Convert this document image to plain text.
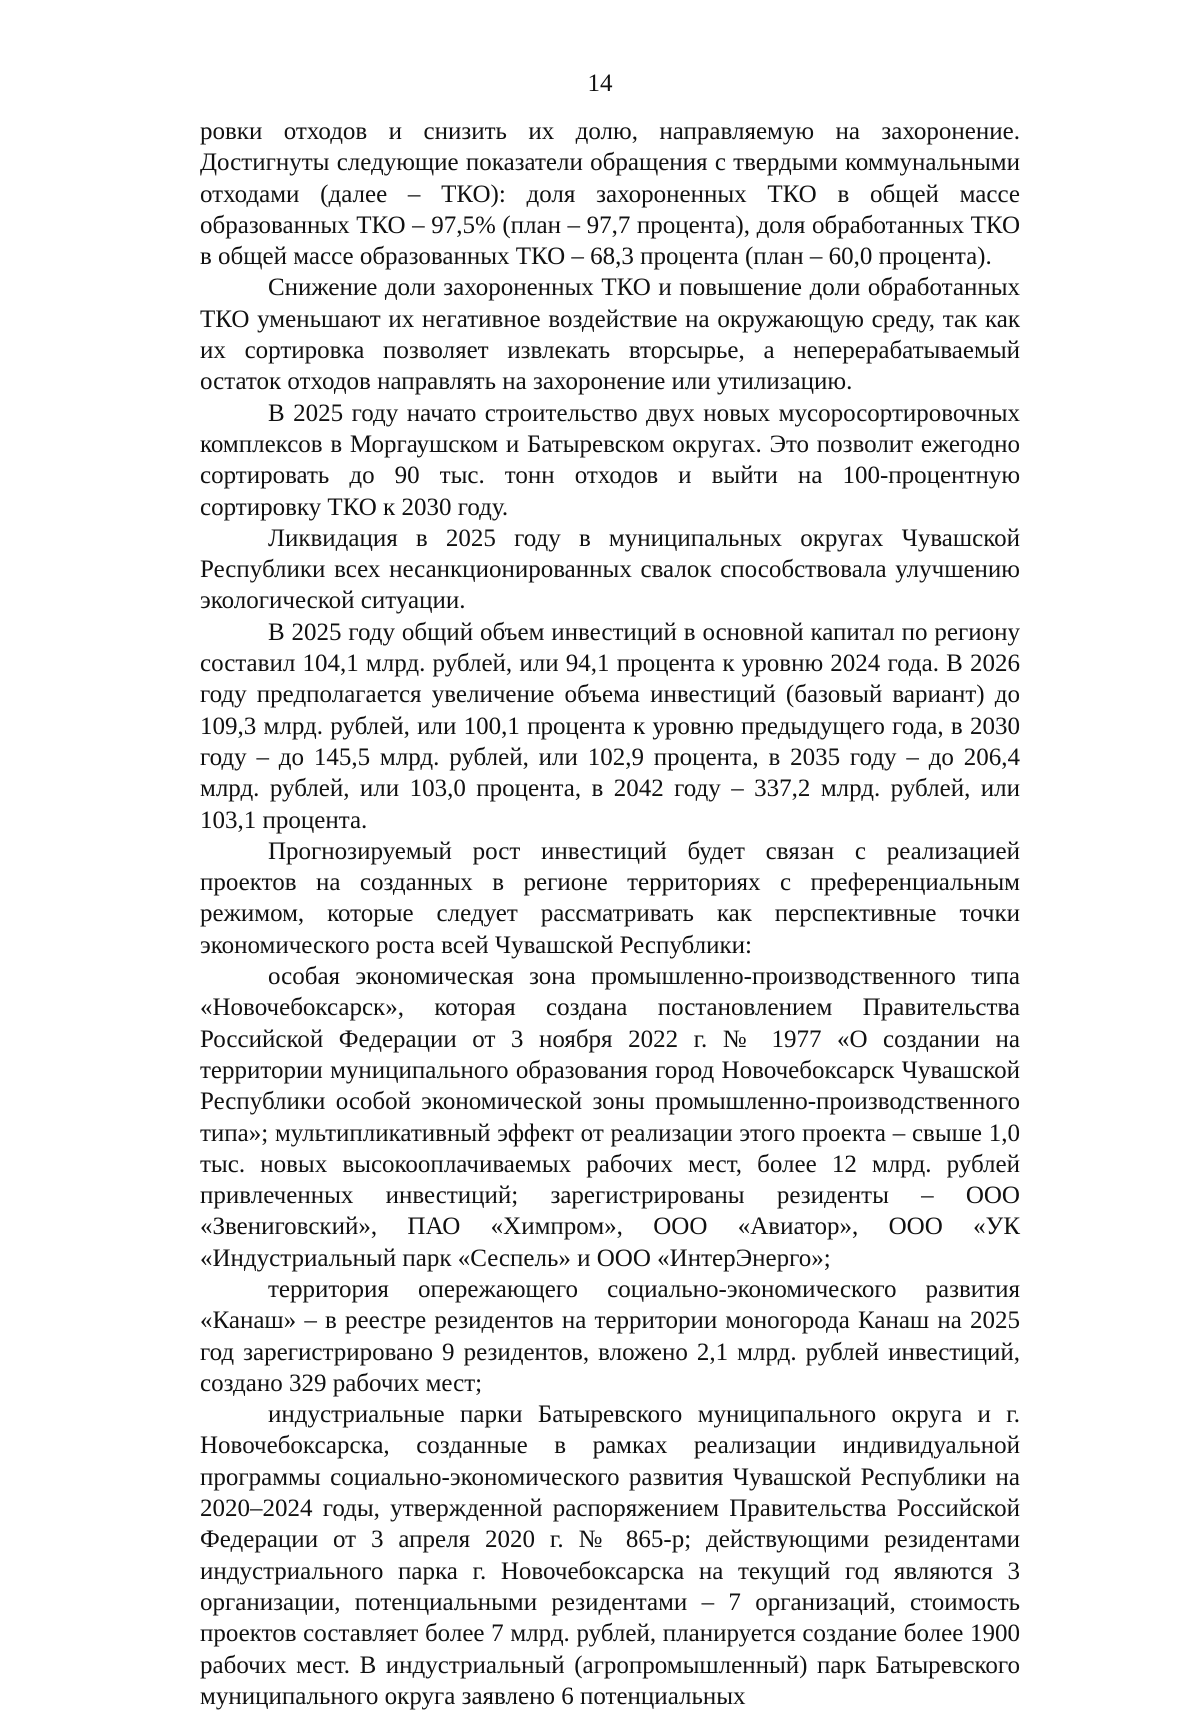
14

ровки отходов и снизить их долю, направляемую на захоронение. Достигнуты следующие показатели обращения с твердыми коммунальными отходами (далее – ТКО): доля захороненных ТКО в общей массе образованных ТКО – 97,5% (план – 97,7 процента), доля обработанных ТКО в общей массе образованных ТКО – 68,3 процента (план – 60,0 процента).

Снижение доли захороненных ТКО и повышение доли обработанных ТКО уменьшают их негативное воздействие на окружающую среду, так как их сортировка позволяет извлекать вторсырье, а неперерабатываемый остаток отходов направлять на захоронение или утилизацию.

В 2025 году начато строительство двух новых мусоросортировочных комплексов в Моргаушском и Батыревском округах. Это позволит ежегодно сортировать до 90 тыс. тонн отходов и выйти на 100-процентную сортировку ТКО к 2030 году.

Ликвидация в 2025 году в муниципальных округах Чувашской Республики всех несанкционированных свалок способствовала улучшению экологической ситуации.

В 2025 году общий объем инвестиций в основной капитал по региону составил 104,1 млрд. рублей, или 94,1 процента к уровню 2024 года. В 2026 году предполагается увеличение объема инвестиций (базовый вариант) до 109,3 млрд. рублей, или 100,1 процента к уровню предыдущего года, в 2030 году – до 145,5 млрд. рублей, или 102,9 процента, в 2035 году – до 206,4 млрд. рублей, или 103,0 процента, в 2042 году – 337,2 млрд. рублей, или 103,1 процента.

Прогнозируемый рост инвестиций будет связан с реализацией проектов на созданных в регионе территориях с преференциальным режимом, которые следует рассматривать как перспективные точки экономического роста всей Чувашской Республики:

особая экономическая зона промышленно-производственного типа «Новочебоксарск», которая создана постановлением Правительства Российской Федерации от 3 ноября 2022 г. № 1977 «О создании на территории муниципального образования город Новочебоксарск Чувашской Республики особой экономической зоны промышленно-производственного типа»; мультипликативный эффект от реализации этого проекта – свыше 1,0 тыс. новых высокооплачиваемых рабочих мест, более 12 млрд. рублей привлеченных инвестиций; зарегистрированы резиденты – ООО «Звениговский», ПАО «Химпром», ООО «Авиатор», ООО «УК «Индустриальный парк «Сеспель» и ООО «ИнтерЭнерго»;

территория опережающего социально-экономического развития «Канаш» – в реестре резидентов на территории моногорода Канаш на 2025 год зарегистрировано 9 резидентов, вложено 2,1 млрд. рублей инвестиций, создано 329 рабочих мест;

индустриальные парки Батыревского муниципального округа и г. Новочебоксарска, созданные в рамках реализации индивидуальной программы социально-экономического развития Чувашской Республики на 2020–2024 годы, утвержденной распоряжением Правительства Российской Федерации от 3 апреля 2020 г. № 865-р; действующими резидентами индустриального парка г. Новочебоксарска на текущий год являются 3 организации, потенциальными резидентами – 7 организаций, стоимость проектов составляет более 7 млрд. рублей, планируется создание более 1900 рабочих мест. В индустриальный (агропромышленный) парк Батыревского муниципального округа заявлено 6 потенциальных
